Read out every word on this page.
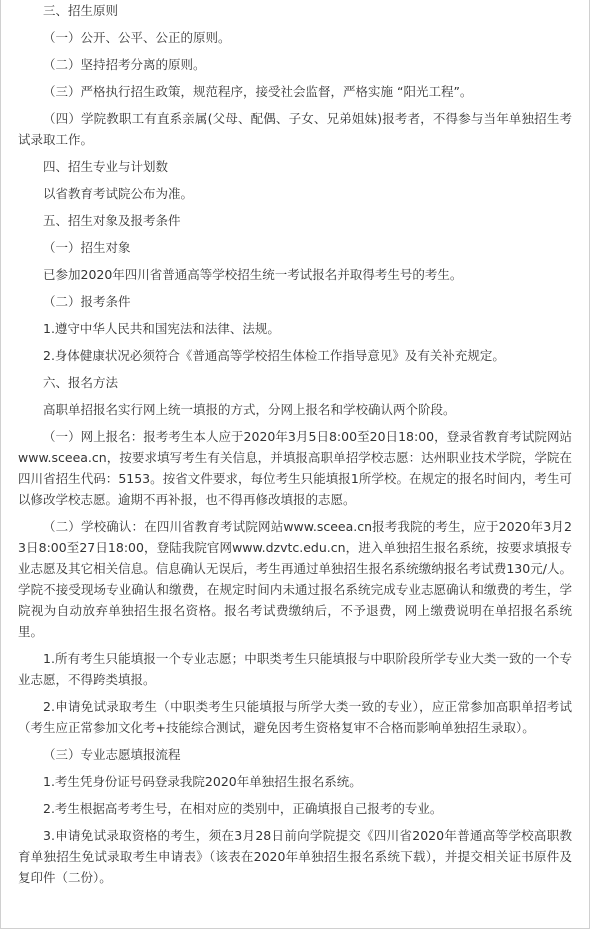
三、招生原则

（一）公开、公平、公正的原则。

（二）坚持招考分离的原则。

（三）严格执行招生政策，规范程序，接受社会监督，严格实施 “阳光工程”。

（四）学院教职工有直系亲属(父母、配偶、子女、兄弟姐妹)报考者，不得参与当年单独招生考试录取工作。

四、招生专业与计划数

以省教育考试院公布为准。

五、招生对象及报考条件

（一）招生对象

已参加2020年四川省普通高等学校招生统一考试报名并取得考生号的考生。

（二）报考条件

1.遵守中华人民共和国宪法和法律、法规。

2.身体健康状况必须符合《普通高等学校招生体检工作指导意见》及有关补充规定。

六、报名方法

高职单招报名实行网上统一填报的方式，分网上报名和学校确认两个阶段。

（一）网上报名：报考考生本人应于2020年3月5日8:00至20日18:00，登录省教育考试院网站www.sceea.cn，按要求填写考生有关信息，并填报高职单招学校志愿：达州职业技术学院，学院在四川省招生代码：5153。按省文件要求，每位考生只能填报1所学校。在规定的报名时间内，考生可以修改学校志愿。逾期不再补报，也不得再修改填报的志愿。

（二）学校确认：在四川省教育考试院网站www.sceea.cn报考我院的考生，应于2020年3月23日8:00至27日18:00，登陆我院官网www.dzvtc.edu.cn，进入单独招生报名系统，按要求填报专业志愿及其它相关信息。信息确认无误后，考生再通过单独招生报名系统缴纳报名考试费130元/人。学院不接受现场专业确认和缴费，在规定时间内未通过报名系统完成专业志愿确认和缴费的考生，学院视为自动放弃单独招生报名资格。报名考试费缴纳后，不予退费，网上缴费说明在单招报名系统里。

1.所有考生只能填报一个专业志愿；中职类考生只能填报与中职阶段所学专业大类一致的一个专业志愿，不得跨类填报。

2.申请免试录取考生（中职类考生只能填报与所学大类一致的专业），应正常参加高职单招考试（考生应正常参加文化考+技能综合测试，避免因考生资格复审不合格而影响单独招生录取）。

（三）专业志愿填报流程

1.考生凭身份证号码登录我院2020年单独招生报名系统。

2.考生根据高考考生号，在相对应的类别中，正确填报自己报考的专业。

3.申请免试录取资格的考生，须在3月28日前向学院提交《四川省2020年普通高等学校高职教育单独招生免试录取考生申请表》（该表在2020年单独招生报名系统下载），并提交相关证书原件及复印件（二份）。
